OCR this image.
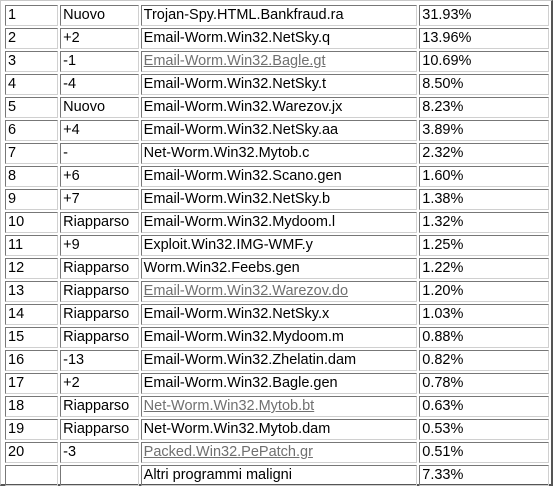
1	Nuovo	Trojan-Spy.HTML.Bankfraud.ra	31.93%
2	+2	Email-Worm.Win32.NetSky.q	13.96%
3	-1	Email-Worm.Win32.Bagle.gt	10.69%
4	-4	Email-Worm.Win32.NetSky.t	8.50%
5	Nuovo	Email-Worm.Win32.Warezov.jx	8.23%
6	+4	Email-Worm.Win32.NetSky.aa	3.89%
7	-	Net-Worm.Win32.Mytob.c	2.32%
8	+6	Email-Worm.Win32.Scano.gen	1.60%
9	+7	Email-Worm.Win32.NetSky.b	1.38%
10	Riapparso	Email-Worm.Win32.Mydoom.l	1.32%
11	+9	Exploit.Win32.IMG-WMF.y	1.25%
12	Riapparso	Worm.Win32.Feebs.gen	1.22%
13	Riapparso	Email-Worm.Win32.Warezov.do	1.20%
14	Riapparso	Email-Worm.Win32.NetSky.x	1.03%
15	Riapparso	Email-Worm.Win32.Mydoom.m	0.88%
16	-13	Email-Worm.Win32.Zhelatin.dam	0.82%
17	+2	Email-Worm.Win32.Bagle.gen	0.78%
18	Riapparso	Net-Worm.Win32.Mytob.bt	0.63%
19	Riapparso	Net-Worm.Win32.Mytob.dam	0.53%
20	-3	Packed.Win32.PePatch.gr	0.51%
		Altri programmi maligni	7.33%
